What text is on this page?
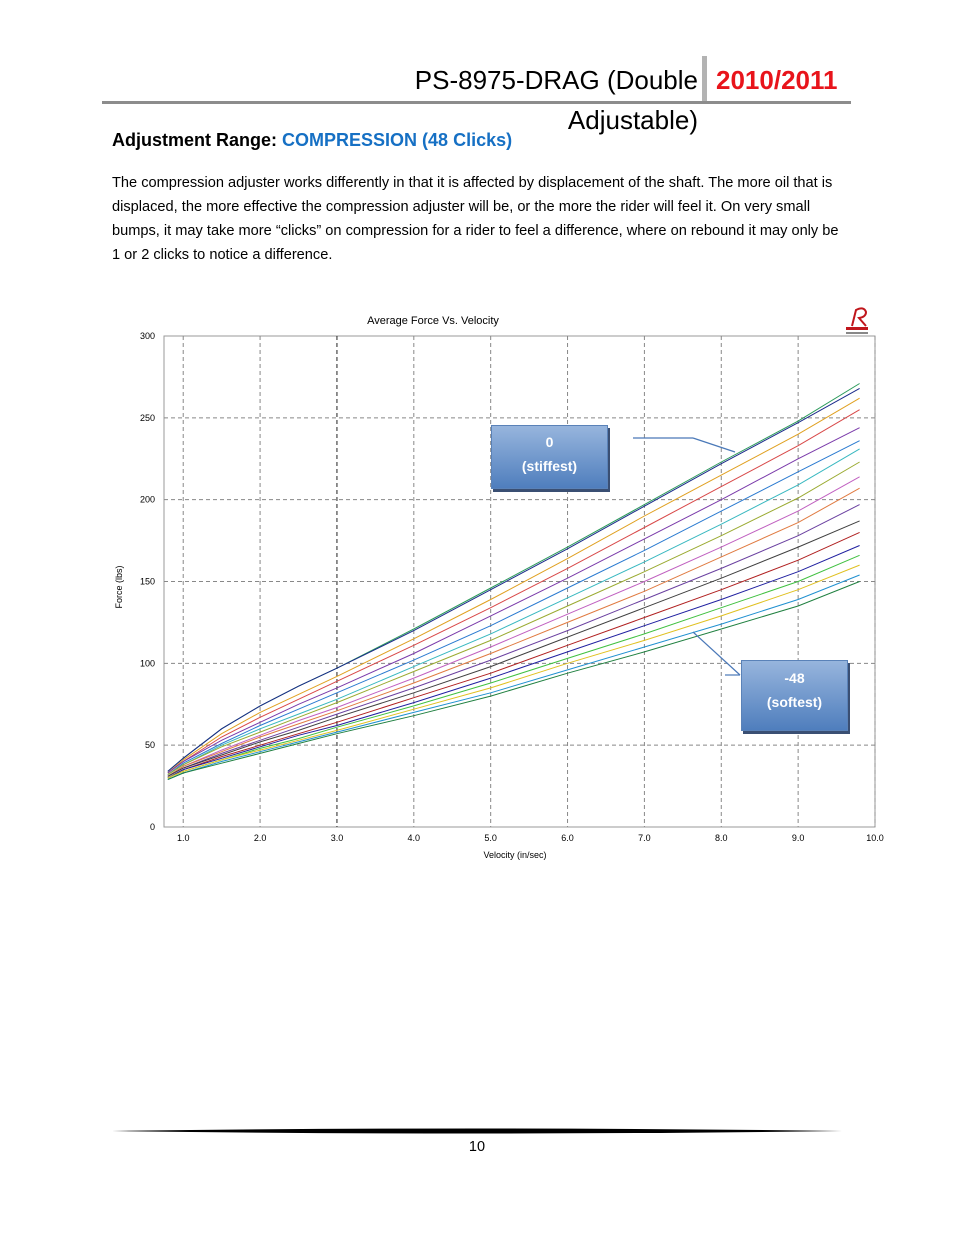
PS-8975-DRAG (Double Adjustable)
2010/2011
Adjustment Range: COMPRESSION (48 Clicks)
The compression adjuster works differently in that it is affected by displacement of the shaft. The more oil that is displaced, the more effective the compression adjuster will be, or the more the rider will feel it. On very small bumps, it may take more “clicks” on compression for a rider to feel a difference, where on rebound it may only be 1 or 2 clicks to notice a difference.
1.0	2.0	3.0	4.0	5.0	6.0	7.0	8.0	9.0	10.0
0
50
100
150
200
250
300
Average Force Vs. Velocity
Velocity (in/sec)
Force (lbs)
0
(stiffest)
-48
(softest)
10
